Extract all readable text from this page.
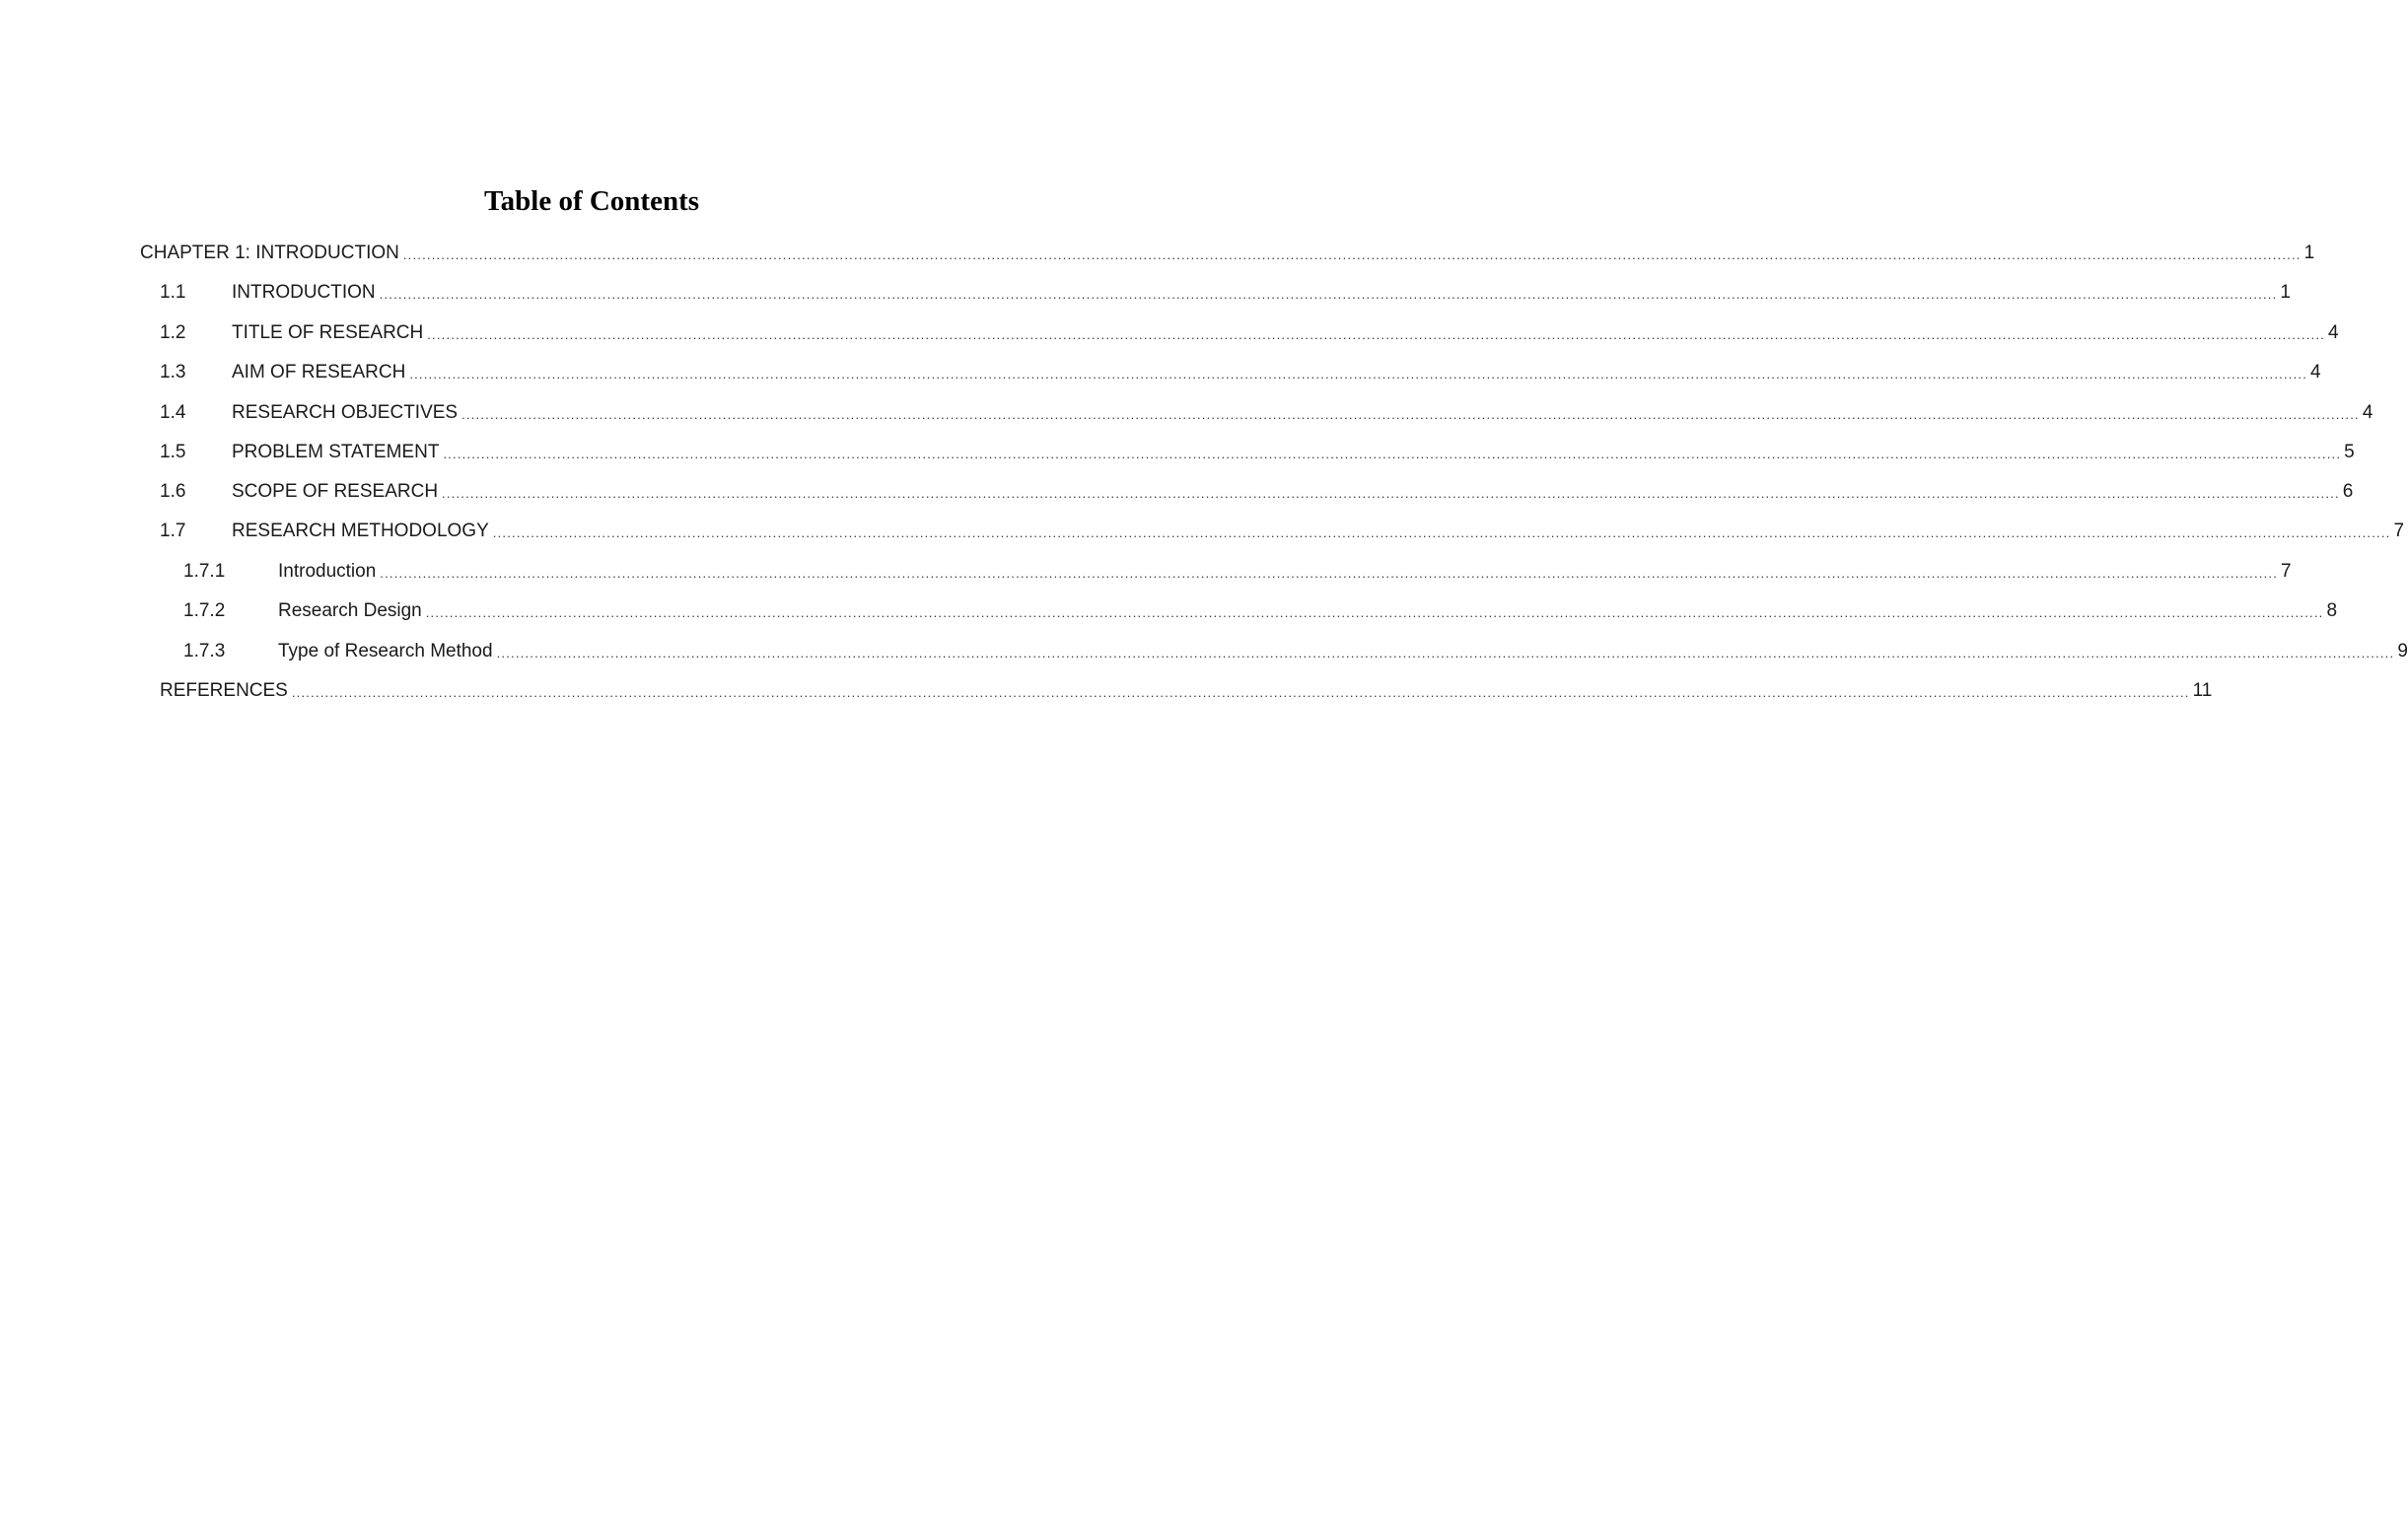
Table of Contents
CHAPTER 1: INTRODUCTION ................................................................................................................................................................................................................................................................................................................................................................................................................ 1
1.1	INTRODUCTION ................................................................................................................................................................................................................................................................................................................................................................................................................ 1
1.2	TITLE OF RESEARCH ................................................................................................................................................................................................................................................................................................................................................................................................................ 4
1.3	AIM OF RESEARCH ................................................................................................................................................................................................................................................................................................................................................................................................................ 4
1.4	RESEARCH OBJECTIVES ................................................................................................................................................................................................................................................................................................................................................................................................................ 4
1.5	PROBLEM STATEMENT ................................................................................................................................................................................................................................................................................................................................................................................................................ 5
1.6	SCOPE OF RESEARCH ................................................................................................................................................................................................................................................................................................................................................................................................................ 6
1.7	RESEARCH METHODOLOGY ................................................................................................................................................................................................................................................................................................................................................................................................................ 7
1.7.1	Introduction ................................................................................................................................................................................................................................................................................................................................................................................................................ 7
1.7.2	Research Design ................................................................................................................................................................................................................................................................................................................................................................................................................ 8
1.7.3	Type of Research Method ................................................................................................................................................................................................................................................................................................................................................................................................................ 9
REFERENCES ................................................................................................................................................................................................................................................................................................................................................................................................................ 11
